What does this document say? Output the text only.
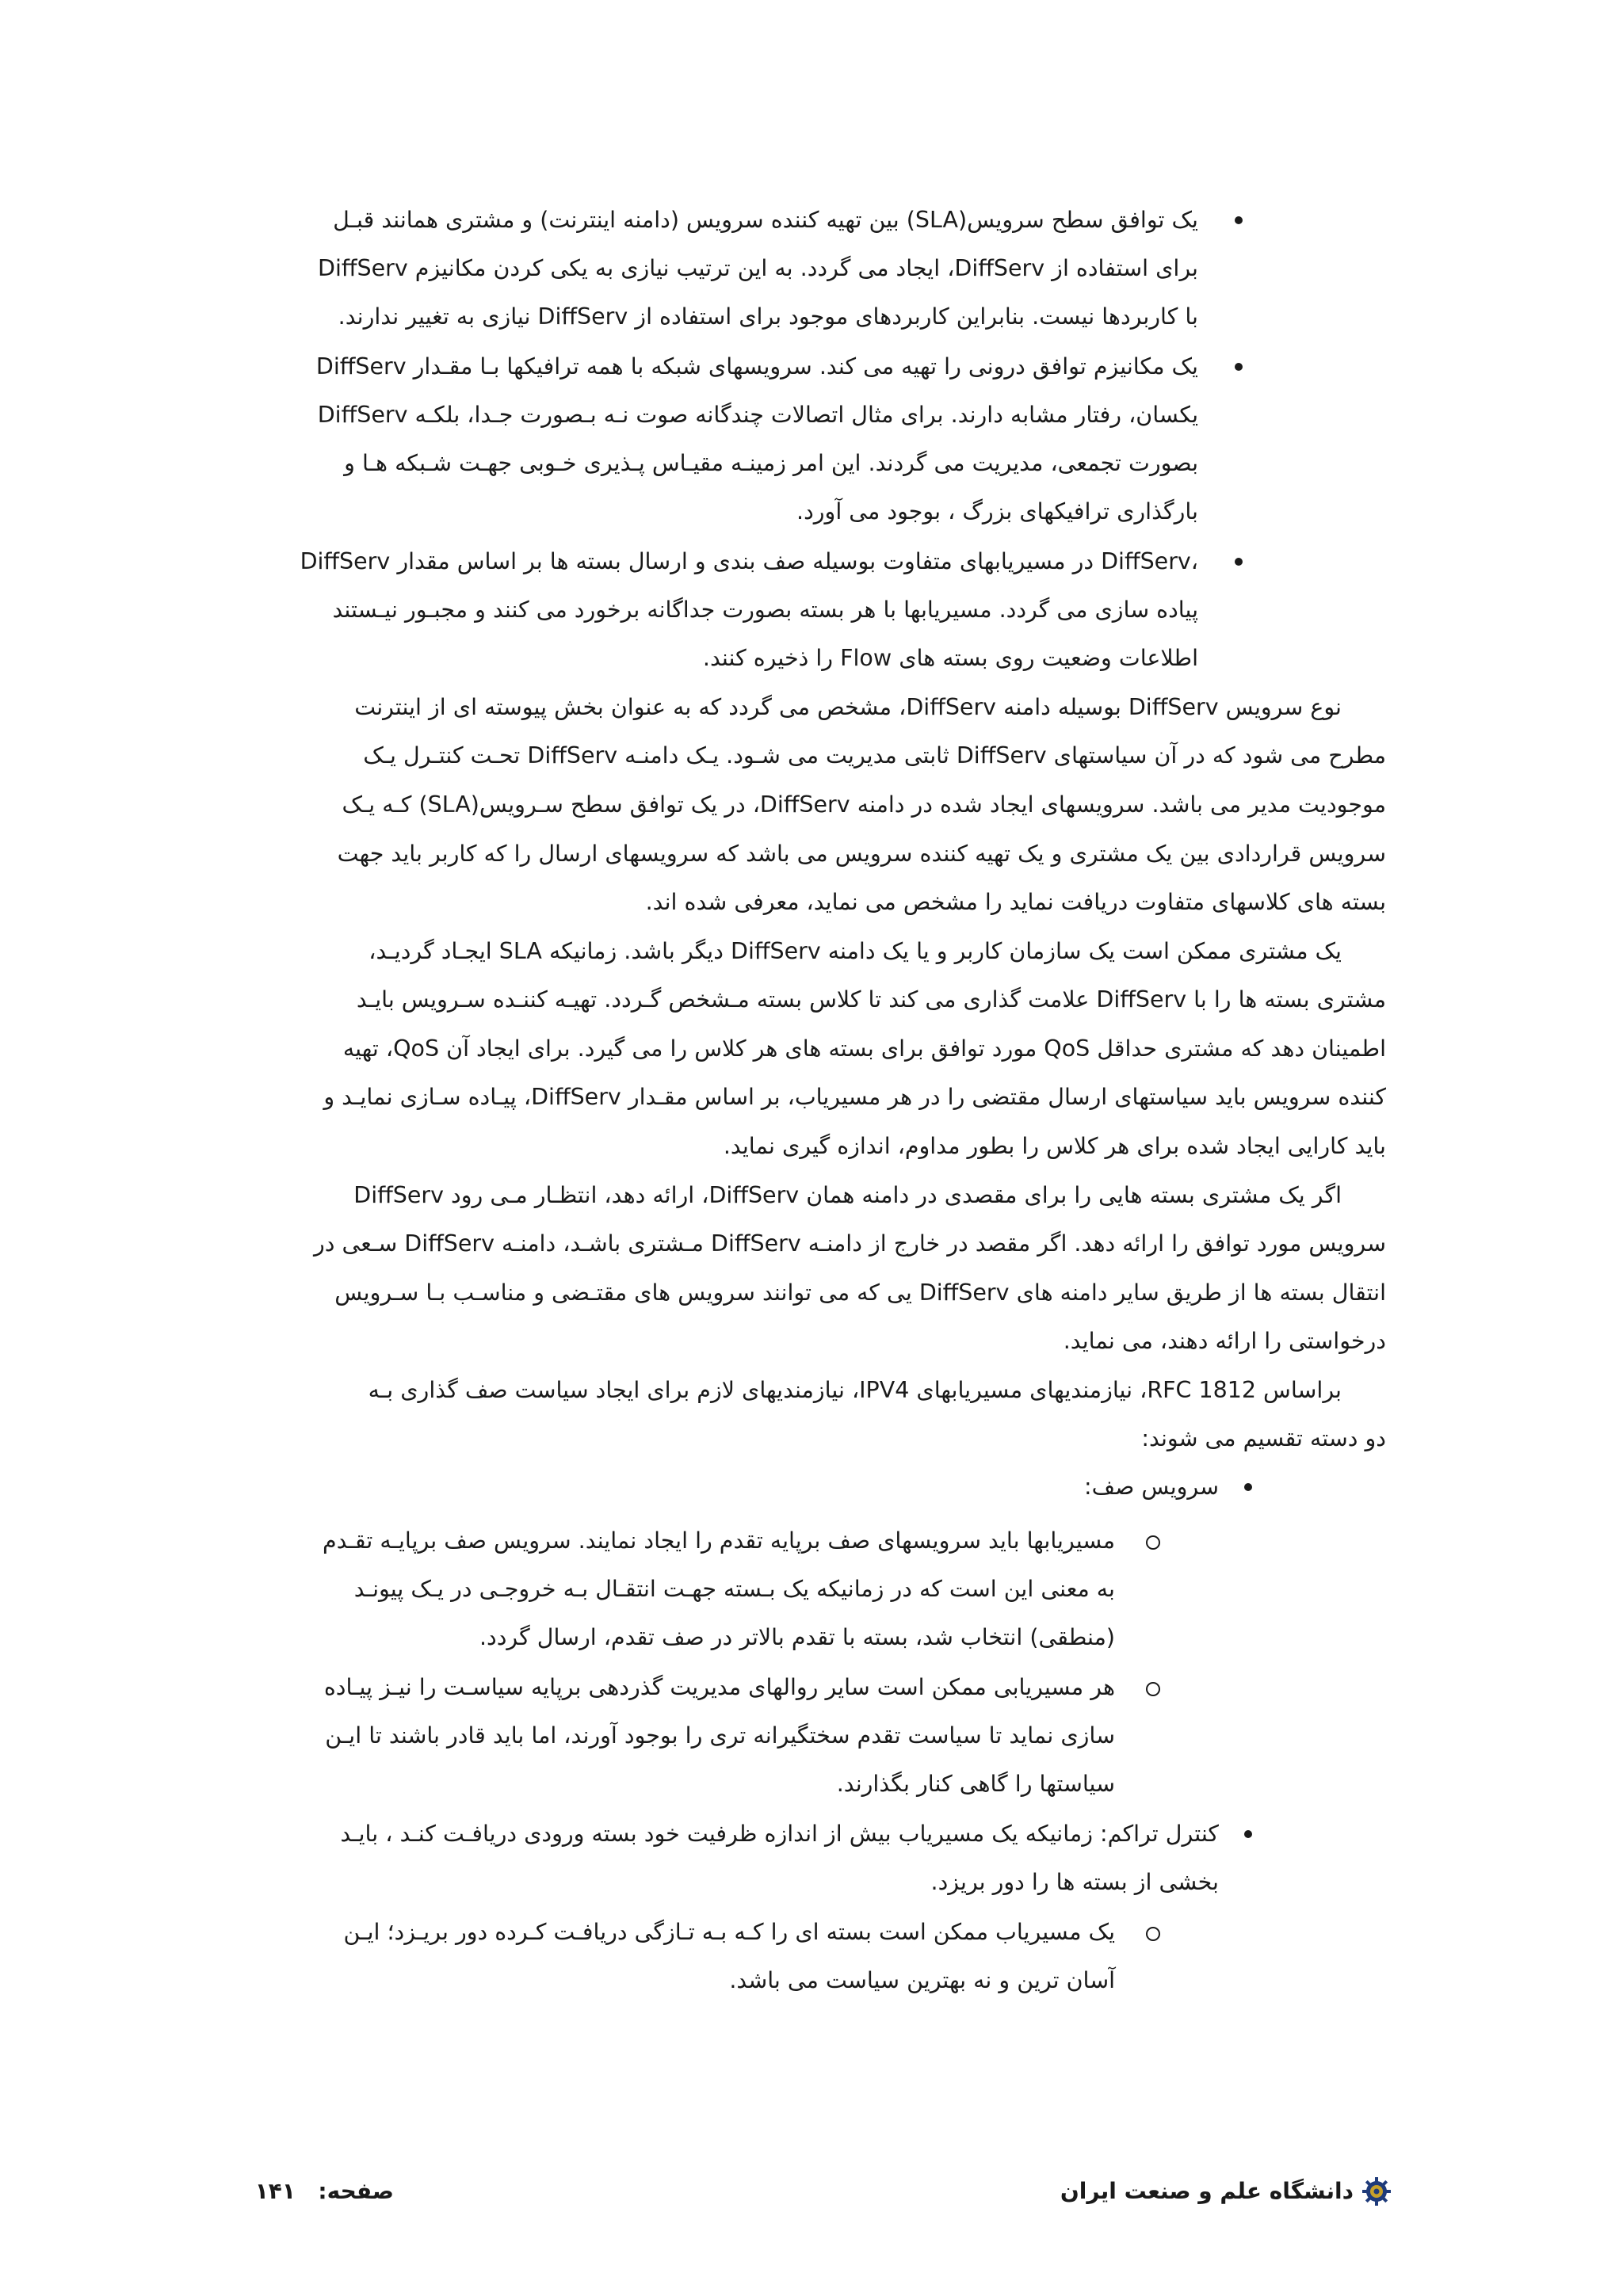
یک توافق سطح سرویس(SLA) بین تهیه کننده سرویس (دامنه اینترنت) و مشتری همانند قبـل
برای استفاده از DiffServ، ایجاد می گردد. به این ترتیب نیازی به یکی کردن مکانیزم DiffServ
با کاربردها نیست. بنابراین کاربردهای موجود برای استفاده از DiffServ نیازی به تغییر ندارند.
DiffServ یک مکانیزم توافق درونی را تهیه می کند. سرویسهای شبکه با همه ترافیکها بـا مقـدار
DiffServ یکسان، رفتار مشابه دارند. برای مثال اتصالات چندگانه صوت نـه بـصورت جـدا، بلکـه
بصورت تجمعی، مدیریت می گردند. این امر زمینـه مقیـاس پـذیری خـوبی جهـت شـبکه هـا و
بارگذاری ترافیکهای بزرگ ، بوجود می آورد.
DiffServ در مسیریابهای متفاوت بوسیله صف بندی و ارسال بسته ها بر اساس مقدار DiffServ،
پیاده سازی می گردد. مسیریابها با هر بسته بصورت جداگانه برخورد می کنند و مجبـور نیـستند
اطلاعات وضعیت روی بسته های Flow را ذخیره کنند.
نوع سرویس DiffServ بوسیله دامنه DiffServ، مشخص می گردد که به عنوان بخش پیوسته ای از اینترنت
مطرح می شود که در آن سیاستهای DiffServ ثابتی مدیریت می شـود. یـک دامنـه DiffServ تحـت کنتـرل یـک
موجودیت مدیر می باشد. سرویسهای ایجاد شده در دامنه DiffServ، در یک توافق سطح سـرویس(SLA) کـه یـک
سرویس قراردادی بین یک مشتری و یک تهیه کننده سرویس می باشد که سرویسهای ارسال را که کاربر باید جهت
بسته های کلاسهای متفاوت دریافت نماید را مشخص می نماید، معرفی شده اند.
یک مشتری ممکن است یک سازمان کاربر و یا یک دامنه DiffServ دیگر باشد. زمانیکه SLA ایجـاد گردیـد،
مشتری بسته ها را با DiffServ علامت گذاری می کند تا کلاس بسته مـشخص گـردد. تهیـه کننـده سـرویس بایـد
اطمینان دهد که مشتری حداقل QoS مورد توافق برای بسته های هر کلاس را می گیرد. برای ایجاد آن QoS، تهیه
کننده سرویس باید سیاستهای ارسال مقتضی را در هر مسیریاب، بر اساس مقـدار DiffServ، پیـاده سـازی نمایـد و
باید کارایی ایجاد شده برای هر کلاس را بطور مداوم، اندازه گیری نماید.
اگر یک مشتری بسته هایی را برای مقصدی در دامنه همان DiffServ، ارائه دهد، انتظـار مـی رود DiffServ
سرویس مورد توافق را ارائه دهد. اگر مقصد در خارج از دامنـه DiffServ مـشتری باشـد، دامنـه DiffServ سـعی در
انتقال بسته ها از طریق سایر دامنه های DiffServ یی که می توانند سرویس های مقتـضی و مناسـب بـا سـرویس
درخواستی را ارائه دهند، می نماید.
براساس RFC 1812، نیازمندیهای مسیریابهای IPV4، نیازمندیهای لازم برای ایجاد سیاست صف گذاری بـه
دو دسته تقسیم می شوند:
سرویس صف:
مسیریابها باید سرویسهای صف برپایه تقدم را ایجاد نمایند. سرویس صف برپایـه تقـدم
به معنی این است که در زمانیکه یک بـسته جهـت انتقـال بـه خروجـی در یـک پیونـد
(منطقی) انتخاب شد، بسته با تقدم بالاتر در صف تقدم، ارسال گردد.
هر مسیریابی ممکن است سایر روالهای مدیریت گذردهی برپایه سیاسـت را نیـز پیـاده
سازی نماید تا سیاست تقدم سختگیرانه تری را بوجود آورند، اما باید قادر باشند تا ایـن
سیاستها را گاهی کنار بگذارند.
کنترل تراکم: زمانیکه یک مسیریاب بیش از اندازه ظرفیت خود بسته ورودی دریافـت کنـد ، بایـد
بخشی از بسته ها را دور بریزد.
یک مسیریاب ممکن است بسته ای را کـه بـه تـازگی دریافـت کـرده دور بریـزد؛ ایـن
آسان ترین و نه بهترین سیاست می باشد.
دانشگاه علم و صنعت ایران
صفحه:
۱۴۱
